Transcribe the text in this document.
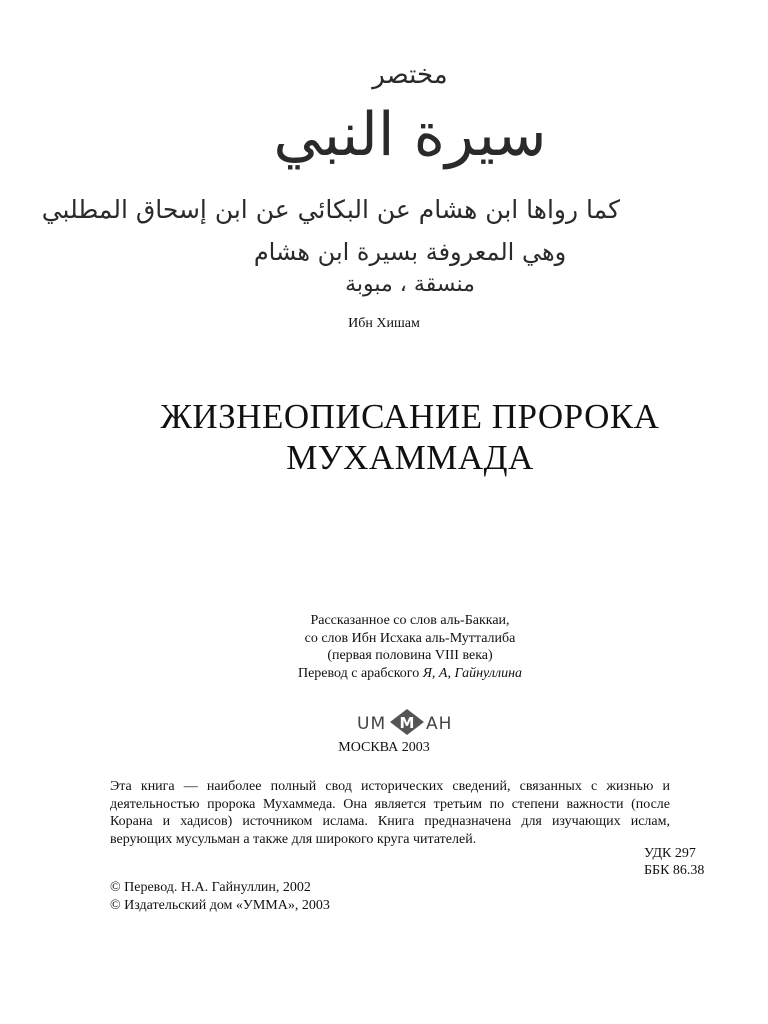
مختصر
سيرة النبي
كما رواها ابن هشام عن البكائي عن ابن إسحاق المطلبي
وهي المعروفة بسيرة ابن هشام
منسقة ، مبوبة
Ибн Хишам
ЖИЗНЕОПИСАНИЕ ПРОРОКА
МУХАММАДА
Рассказанное со слов аль-Баккаи,
со слов Ибн Исхака аль-Мутталиба
(первая половина VIII века)
Перевод с арабского Я, А, Гайнуллина
UM M AH
МОСКВА 2003
Эта книга — наиболее полный свод исторических сведений, связанных с жизнью и деятельностью пророка Мухаммеда. Она является третьим по степени важности (после Корана и хадисов) источником ислама. Книга предназначена для изучающих ислам, верующих мусульман а также для широкого круга читателей.
УДК 297
ББК 86.38
© Перевод. Н.А. Гайнуллин, 2002
© Издательский дом «УММА», 2003
